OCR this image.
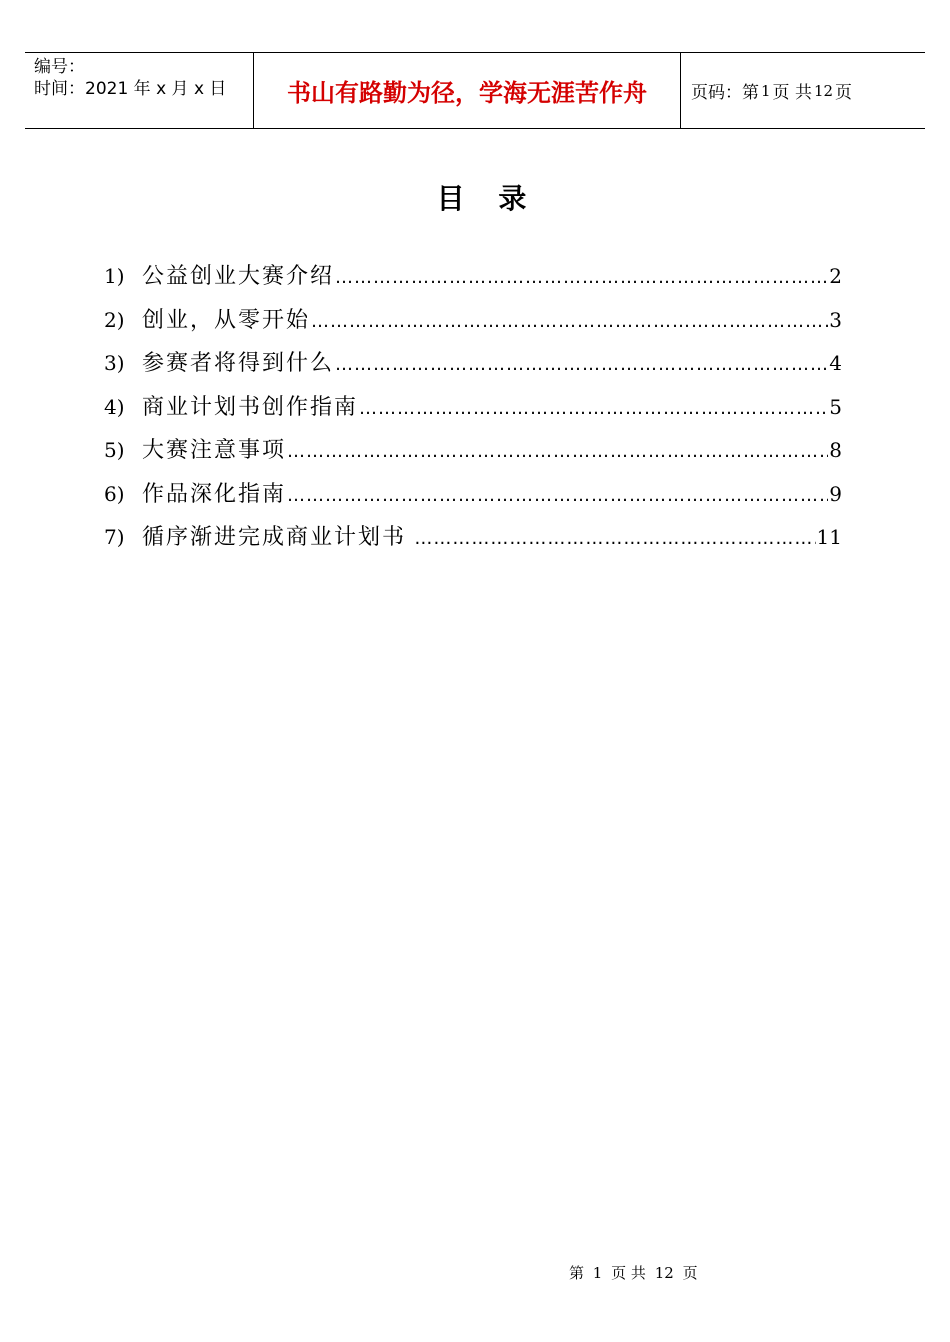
编号：
时间：2021 年 x 月 x 日	书山有路勤为径，学海无涯苦作舟	页码：第 1 页 共 12 页
目 录
1) 公益创业大赛介绍 …………………………………………………………………………………………………………………………………………	2
2) 创业，从零开始 …………………………………………………………………………………………………………………………………………	3
3) 参赛者将得到什么 …………………………………………………………………………………………………………………………………………	4
4) 商业计划书创作指南 …………………………………………………………………………………………………………………………………………	5
5) 大赛注意事项 …………………………………………………………………………………………………………………………………………	8
6) 作品深化指南 …………………………………………………………………………………………………………………………………………	9
7) 循序渐进完成商业计划书 …………………………………………………………………………………………………………………………………………	11
第 1 页 共 12 页
